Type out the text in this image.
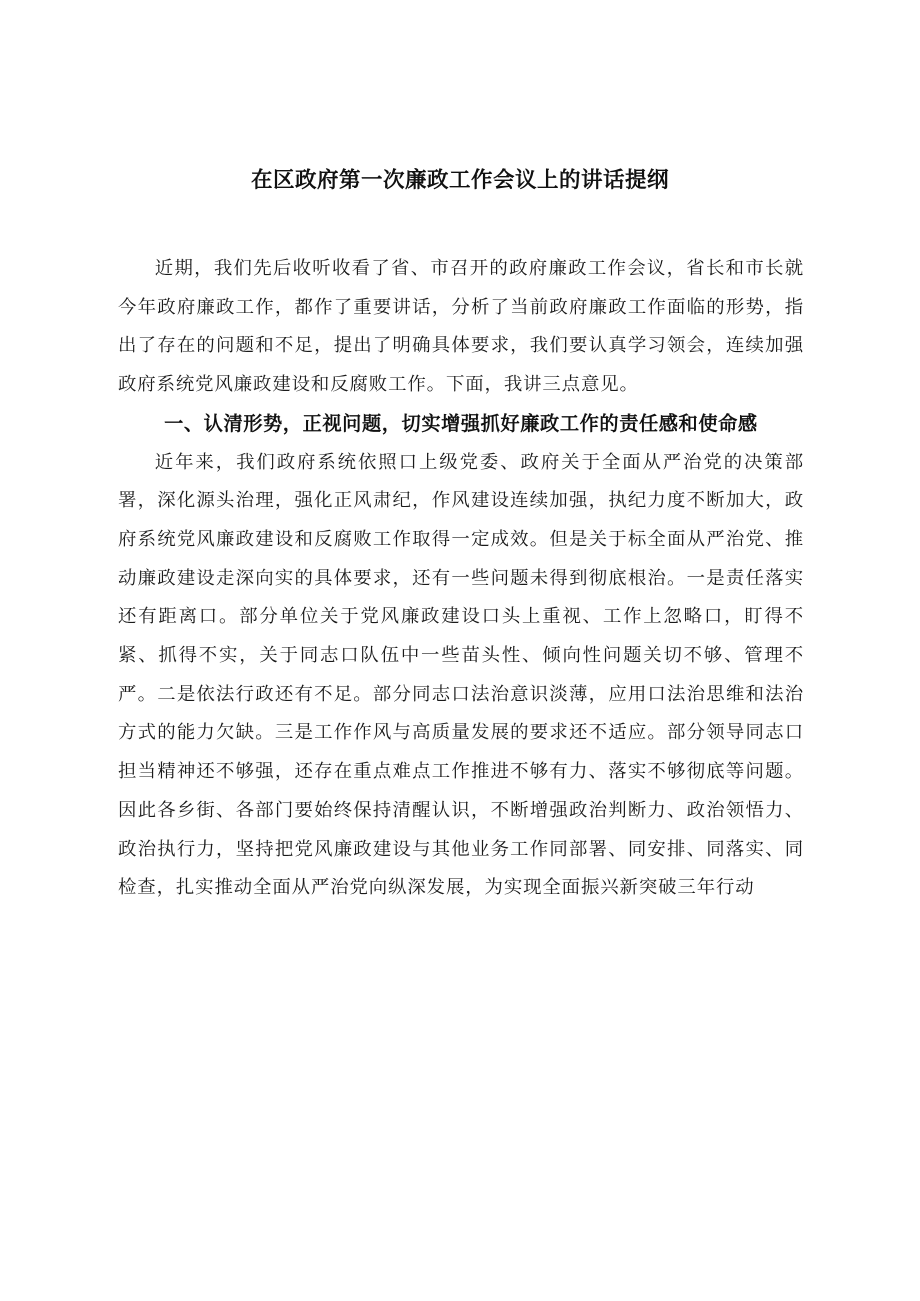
在区政府第一次廉政工作会议上的讲话提纲

近期，我们先后收听收看了省、市召开的政府廉政工作会议，省长和市长就今年政府廉政工作，都作了重要讲话，分析了当前政府廉政工作面临的形势，指出了存在的问题和不足，提出了明确具体要求，我们要认真学习领会，连续加强政府系统党风廉政建设和反腐败工作。下面，我讲三点意见。

一、认清形势，正视问题，切实增强抓好廉政工作的责任感和使命感

近年来，我们政府系统依照口上级党委、政府关于全面从严治党的决策部署，深化源头治理，强化正风肃纪，作风建设连续加强，执纪力度不断加大，政府系统党风廉政建设和反腐败工作取得一定成效。但是关于标全面从严治党、推动廉政建设走深向实的具体要求，还有一些问题未得到彻底根治。一是责任落实还有距离口。部分单位关于党风廉政建设口头上重视、工作上忽略口，盯得不紧、抓得不实，关于同志口队伍中一些苗头性、倾向性问题关切不够、管理不严。二是依法行政还有不足。部分同志口法治意识淡薄，应用口法治思维和法治方式的能力欠缺。三是工作作风与高质量发展的要求还不适应。部分领导同志口担当精神还不够强，还存在重点难点工作推进不够有力、落实不够彻底等问题。因此各乡街、各部门要始终保持清醒认识，不断增强政治判断力、政治领悟力、政治执行力，坚持把党风廉政建设与其他业务工作同部署、同安排、同落实、同检查，扎实推动全面从严治党向纵深发展，为实现全面振兴新突破三年行动
